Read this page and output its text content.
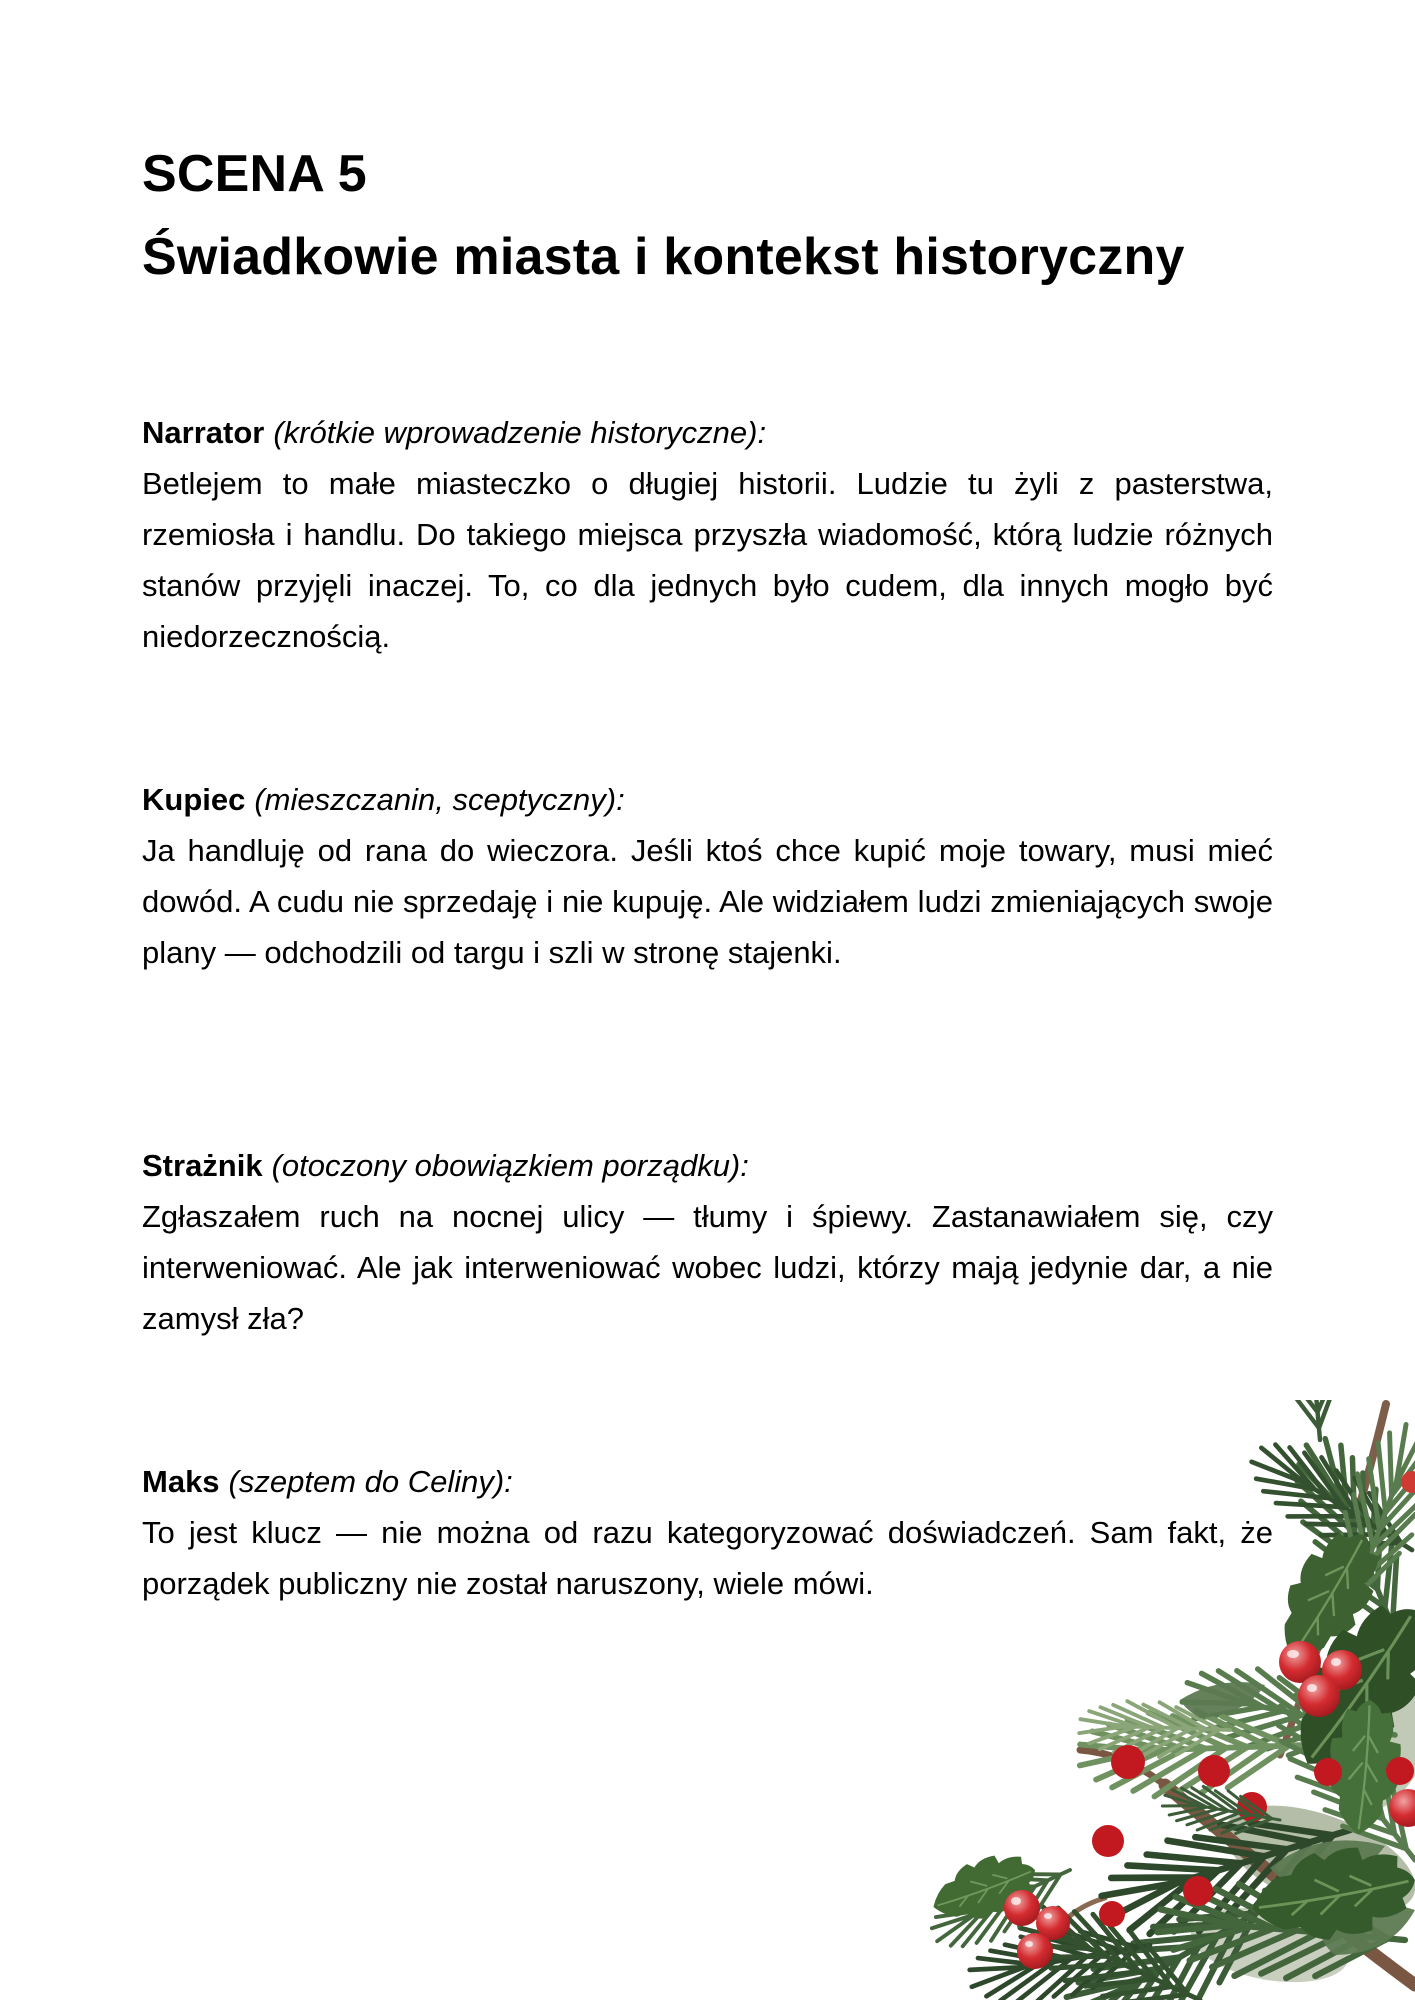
SCENA 5
Świadkowie miasta i kontekst historyczny

Narrator (krótkie wprowadzenie historyczne):

Betlejem to małe miasteczko o długiej historii. Ludzie tu żyli z pasterstwa, rzemiosła i handlu. Do takiego miejsca przyszła wiadomość, którą ludzie różnych stanów przyjęli inaczej. To, co dla jednych było cudem, dla innych mogło być niedorzecznością.

Kupiec (mieszczanin, sceptyczny):

Ja handluję od rana do wieczora. Jeśli ktoś chce kupić moje towary, musi mieć dowód. A cudu nie sprzedaję i nie kupuję. Ale widziałem ludzi zmieniających swoje plany — odchodzili od targu i szli w stronę stajenki.

Strażnik (otoczony obowiązkiem porządku):

Zgłaszałem ruch na nocnej ulicy — tłumy i śpiewy. Zastanawiałem się, czy interweniować. Ale jak interweniować wobec ludzi, którzy mają jedynie dar, a nie zamysł zła?

Maks (szeptem do Celiny):

To jest klucz — nie można od razu kategoryzować doświadczeń. Sam fakt, że porządek publiczny nie został naruszony, wiele mówi.
